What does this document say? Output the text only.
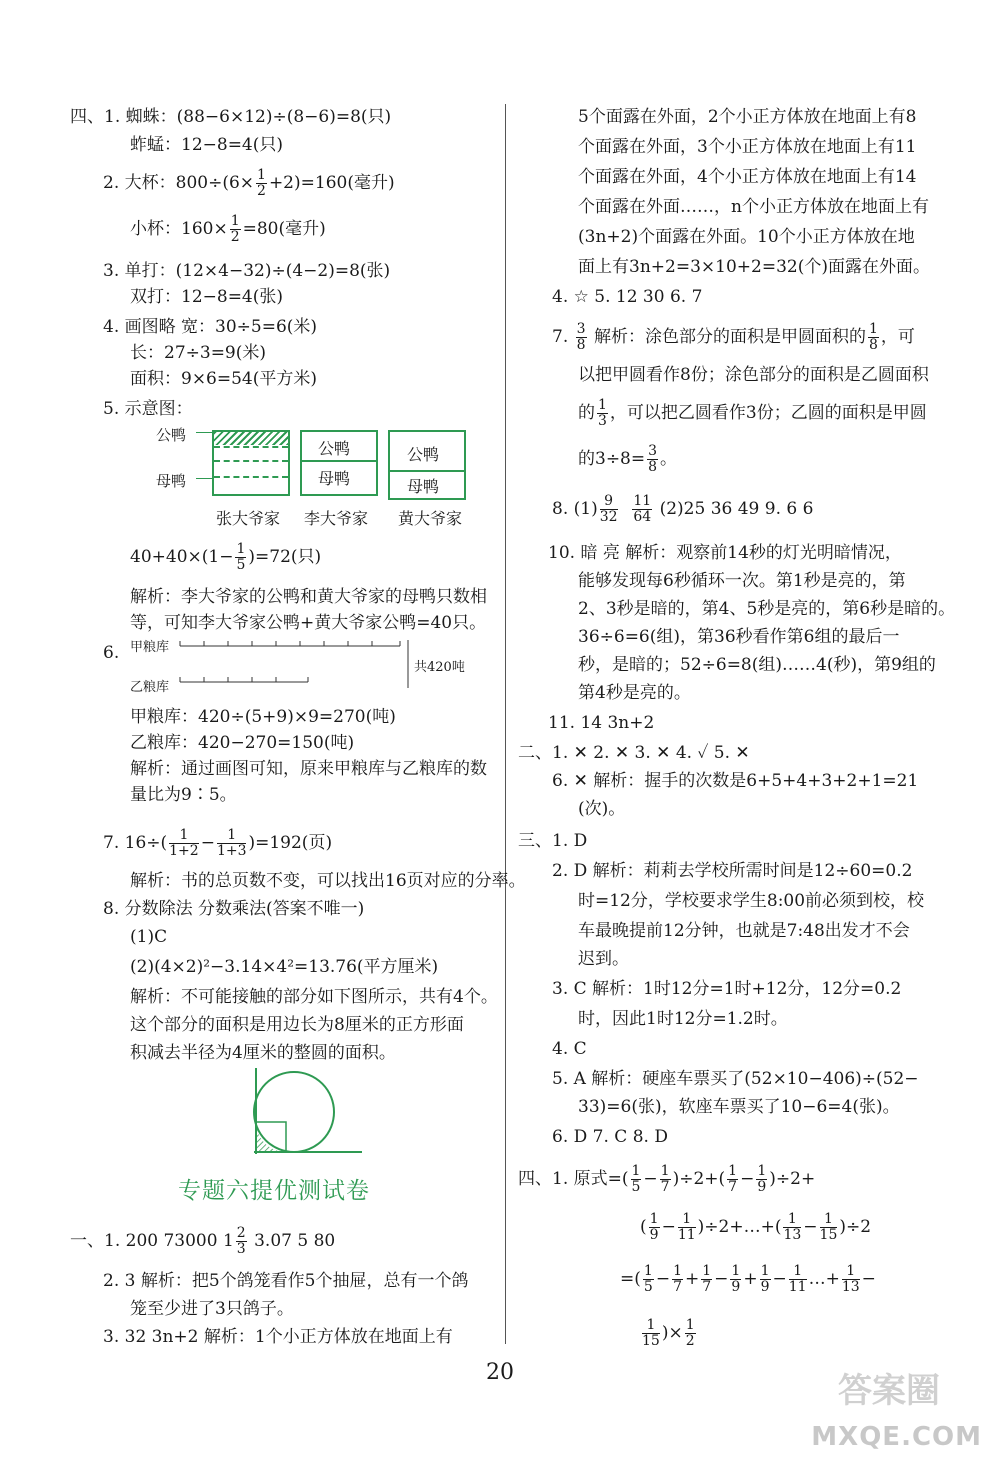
四、1. 蜘蛛：(88−6×12)÷(8−6)=8(只)
蚱蜢：12−8=4(只)
2. 大杯：$800\div(6\times \frac{1}{2} +2)=160$(毫升)
小杯：$160\times \frac{1}{2} =80$(毫升)
3. 单打：(12×4−32)÷(4−2)=8(张)
双打：12−8=4(张)
4. 画图略 宽：30÷5=6(米)
长：27÷3=9(米)
面积：9×6=54(平方米)
5. 示意图：
公鸭
母鸭
公鸭
母鸭
公鸭
母鸭
张大爷家 李大爷家 黄大爷家
$40+40\times(1- \frac{1}{5} )=72$(只)
解析：李大爷家的公鸭和黄大爷家的母鸭只数相
等，可知李大爷家公鸭+黄大爷家公鸭=40只。
6. 甲粮库
乙粮库
共420吨
甲粮库：420÷(5+9)×9=270(吨)
乙粮库：420−270=150(吨)
解析：通过画图可知，原来甲粮库与乙粮库的数
量比为9∶5。
7. $16\div( \frac{1}{1+2} - \frac{1}{1+3} )=192$(页)
解析：书的总页数不变，可以找出16页对应的分率。
8. 分数除法 分数乘法(答案不唯一)
(1)C
(2)(4×2)²−3.14×4²=13.76(平方厘米)
解析：不可能接触的部分如下图所示，共有4个。
这个部分的面积是用边长为8厘米的正方形面
积减去半径为4厘米的整圆的面积。
专题六提优测试卷
一、1. 200 73000 $1 \frac{2}{3} 3.07$ 5 80
2. 3 解析：把5个鸽笼看作5个抽屉，总有一个鸽
笼至少进了3只鸽子。
3. 32 3n+2 解析：1个小正方体放在地面上有
5个面露在外面，2个小正方体放在地面上有8
个面露在外面，3个小正方体放在地面上有11
个面露在外面，4个小正方体放在地面上有14
个面露在外面……，n个小正方体放在地面上有
(3n+2)个面露在外面。10个小正方体放在地
面上有3n+2=3×10+2=32(个)面露在外面。
4. ☆ 5. 12 30 6. 7
7. $\frac{3}{8}$ 解析：涂色部分的面积是甲圆面积的 $\frac{1}{8}$ ，可
以把甲圆看作8份；涂色部分的面积是乙圆面积
的 $\frac{1}{3}$ ，可以把乙圆看作3份；乙圆的面积是甲圆
的$3\div 8= \frac{3}{8}$ 。
8. $(1) \frac{9}{32}$
$\frac{11}{64} (2)25$ 36 49 9. 6 6
10. 暗 亮 解析：观察前14秒的灯光明暗情况，
能够发现每6秒循环一次。第1秒是亮的，第
2、3秒是暗的，第4、5秒是亮的，第6秒是暗的。
36÷6=6(组)，第36秒看作第6组的最后一
秒，是暗的；52÷6=8(组)……4(秒)，第9组的
第4秒是亮的。
11. 14 3n+2
二、1. ✕ 2. ✕ 3. ✕ 4. ✓ 5. ✕
6. ✕ 解析：握手的次数是6+5+4+3+2+1=21
(次)。
三、1. D
2. D 解析：莉莉去学校所需时间是12÷60=0.2
时=12分，学校要求学生8:00前必须到校，校
车最晚提前12分钟，也就是7:48出发才不会
迟到。
3. C 解析：1时12分=1时+12分，12分=0.2
时，因此1时12分=1.2时。
4. C
5. A 解析：硬座车票买了(52×10−406)÷(52−
33)=6(张)，软座车票买了10−6=4(张)。
6. D 7. C 8. D
四、1. 原式=( $\frac{1}{5} - \frac{1}{7} )\div 2+( \frac{1}{7} - \frac{1}{9} )\div 2+$
( $\frac{1}{9} - \frac{1}{11}$ )÷2+…+( $\frac{1}{13} - \frac{1}{15} )\div 2$
=( $\frac{1}{5} - \frac{1}{7} + \frac{1}{7} - \frac{1}{9} + \frac{1}{9} - \frac{1}{11}$ …+ $\frac{1}{13}$ −
$\frac{1}{15}$ )× $\frac{1}{2}$
20	答案圈
MXQE.COM
